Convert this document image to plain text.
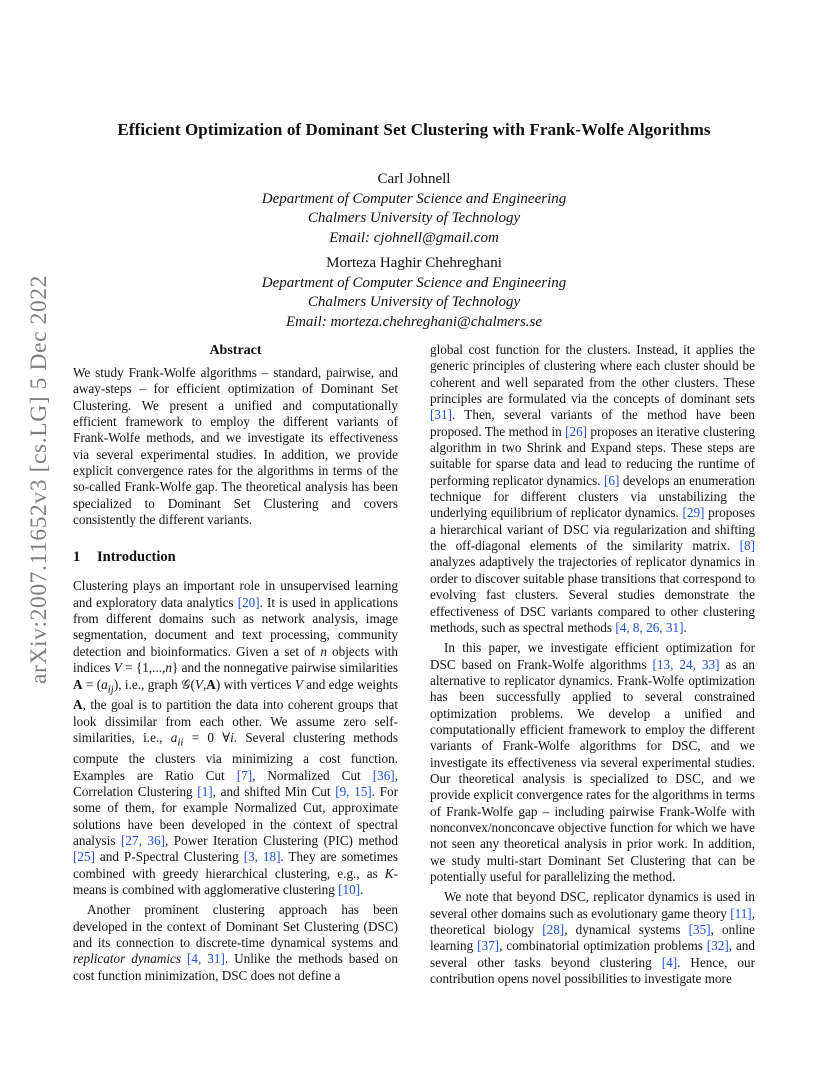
arXiv:2007.11652v3 [cs.LG] 5 Dec 2022
Efficient Optimization of Dominant Set Clustering with Frank-Wolfe Algorithms
Carl Johnell
Department of Computer Science and Engineering
Chalmers University of Technology
Email: cjohnell@gmail.com
Morteza Haghir Chehreghani
Department of Computer Science and Engineering
Chalmers University of Technology
Email: morteza.chehreghani@chalmers.se
Abstract

We study Frank-Wolfe algorithms – standard, pairwise, and away-steps – for efficient optimization of Dominant Set Clustering. We present a unified and computationally efficient framework to employ the different variants of Frank-Wolfe methods, and we investigate its effectiveness via several experimental studies. In addition, we provide explicit convergence rates for the algorithms in terms of the so-called Frank-Wolfe gap. The theoretical analysis has been specialized to Dominant Set Clustering and covers consistently the different variants.

1 Introduction

Clustering plays an important role in unsupervised learning and exploratory data analytics [20]. It is used in applications from different domains such as network analysis, image segmentation, document and text processing, community detection and bioinformatics. Given a set of n objects with indices V = {1,...,n} and the nonnegative pairwise similarities $A = (a_{ij})$, i.e., graph 𝒢(V,A) with vertices V and edge weights A, the goal is to partition the data into coherent groups that look dissimilar from each other. We assume zero self-similarities, i.e., $a_{ii} = 0$ ∀i. Several clustering methods compute the clusters via minimizing a cost function. Examples are Ratio Cut [7], Normalized Cut [36], Correlation Clustering [1], and shifted Min Cut [9, 15]. For some of them, for example Normalized Cut, approximate solutions have been developed in the context of spectral analysis [27, 36], Power Iteration Clustering (PIC) method [25] and P-Spectral Clustering [3, 18]. They are sometimes combined with greedy hierarchical clustering, e.g., as K-means is combined with agglomerative clustering [10].

Another prominent clustering approach has been developed in the context of Dominant Set Clustering (DSC) and its connection to discrete-time dynamical systems and replicator dynamics [4, 31]. Unlike the methods based on cost function minimization, DSC does not define a

global cost function for the clusters. Instead, it applies the generic principles of clustering where each cluster should be coherent and well separated from the other clusters. These principles are formulated via the concepts of dominant sets [31]. Then, several variants of the method have been proposed. The method in [26] proposes an iterative clustering algorithm in two Shrink and Expand steps. These steps are suitable for sparse data and lead to reducing the runtime of performing replicator dynamics. [6] develops an enumeration technique for different clusters via unstabilizing the underlying equilibrium of replicator dynamics. [29] proposes a hierarchical variant of DSC via regularization and shifting the off-diagonal elements of the similarity matrix. [8] analyzes adaptively the trajectories of replicator dynamics in order to discover suitable phase transitions that correspond to evolving fast clusters. Several studies demonstrate the effectiveness of DSC variants compared to other clustering methods, such as spectral methods [4, 8, 26, 31].

In this paper, we investigate efficient optimization for DSC based on Frank-Wolfe algorithms [13, 24, 33] as an alternative to replicator dynamics. Frank-Wolfe optimization has been successfully applied to several constrained optimization problems. We develop a unified and computationally efficient framework to employ the different variants of Frank-Wolfe algorithms for DSC, and we investigate its effectiveness via several experimental studies. Our theoretical analysis is specialized to DSC, and we provide explicit convergence rates for the algorithms in terms of Frank-Wolfe gap – including pairwise Frank-Wolfe with nonconvex/nonconcave objective function for which we have not seen any theoretical analysis in prior work. In addition, we study multi-start Dominant Set Clustering that can be potentially useful for parallelizing the method.

We note that beyond DSC, replicator dynamics is used in several other domains such as evolutionary game theory [11], theoretical biology [28], dynamical systems [35], online learning [37], combinatorial optimization problems [32], and several other tasks beyond clustering [4]. Hence, our contribution opens novel possibilities to investigate more
